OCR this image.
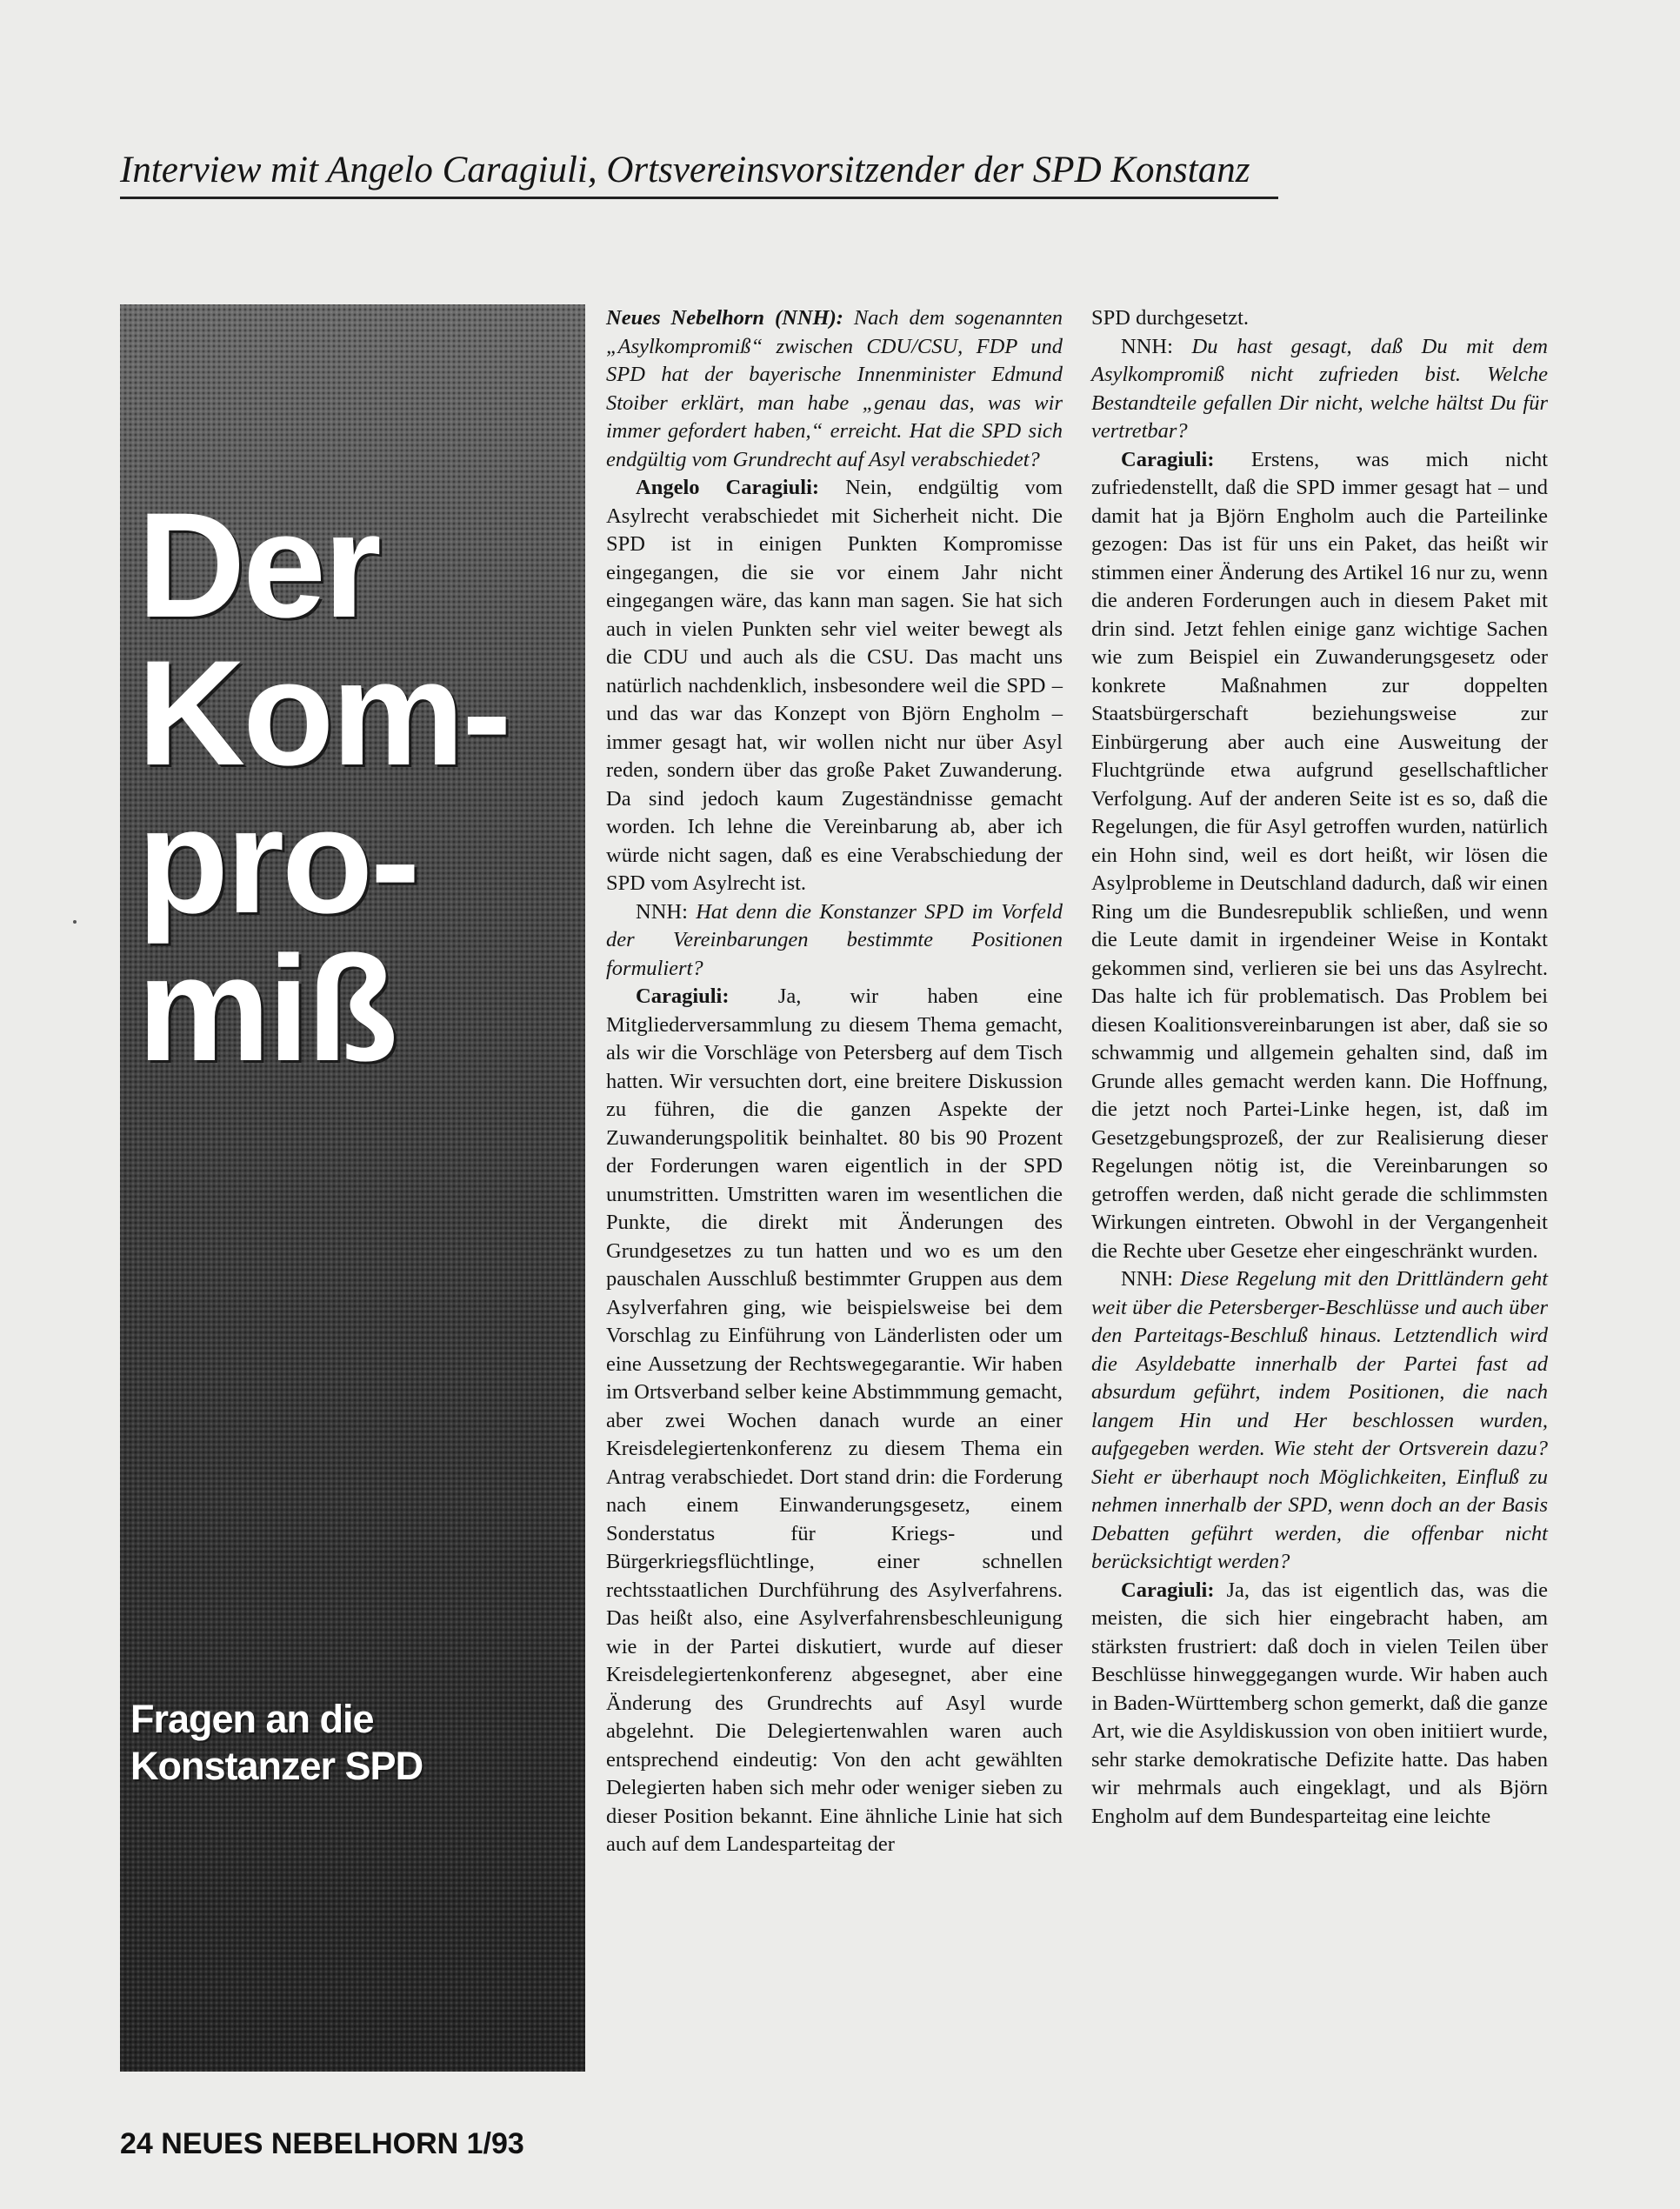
Interview mit Angelo Caragiuli, Ortsvereinsvorsitzender der SPD Konstanz
Der
Kom-
pro-
miß
Fragen an die
Konstanzer SPD

Neues Nebelhorn (NNH): Nach dem sogenannten „Asylkompromiß“ zwischen CDU/CSU, FDP und SPD hat der bayerische Innenminister Edmund Stoiber erklärt, man habe „genau das, was wir immer gefordert haben,“ erreicht. Hat die SPD sich endgültig vom Grundrecht auf Asyl verabschiedet?

Angelo Caragiuli: Nein, endgültig vom Asylrecht verabschiedet mit Sicherheit nicht. Die SPD ist in einigen Punkten Kompromisse eingegangen, die sie vor einem Jahr nicht eingegangen wäre, das kann man sagen. Sie hat sich auch in vielen Punkten sehr viel weiter bewegt als die CDU und auch als die CSU. Das macht uns natürlich nachdenklich, insbesondere weil die SPD – und das war das Konzept von Björn Engholm – immer gesagt hat, wir wollen nicht nur über Asyl reden, sondern über das große Paket Zuwanderung. Da sind jedoch kaum Zugeständnisse gemacht worden. Ich lehne die Vereinbarung ab, aber ich würde nicht sagen, daß es eine Verabschiedung der SPD vom Asylrecht ist.

NNH: Hat denn die Konstanzer SPD im Vorfeld der Vereinbarungen bestimmte Positionen formuliert?

Caragiuli: Ja, wir haben eine Mitgliederversammlung zu diesem Thema gemacht, als wir die Vorschläge von Petersberg auf dem Tisch hatten. Wir versuchten dort, eine breitere Diskussion zu führen, die die ganzen Aspekte der Zuwanderungspolitik beinhaltet. 80 bis 90 Prozent der Forderungen waren eigentlich in der SPD unumstritten. Umstritten waren im wesentlichen die Punkte, die direkt mit Änderungen des Grundgesetzes zu tun hatten und wo es um den pauschalen Ausschluß bestimmter Gruppen aus dem Asylverfahren ging, wie beispielsweise bei dem Vorschlag zu Einführung von Länderlisten oder um eine Aussetzung der Rechtswegegarantie. Wir haben im Ortsverband selber keine Abstimmmung gemacht, aber zwei Wochen danach wurde an einer Kreisdelegiertenkonferenz zu diesem Thema ein Antrag verabschiedet. Dort stand drin: die Forderung nach einem Einwanderungsgesetz, einem Sonderstatus für Kriegs- und Bürgerkriegsflüchtlinge, einer schnellen rechtsstaatlichen Durchführung des Asylverfahrens. Das heißt also, eine Asylverfahrensbeschleunigung wie in der Partei diskutiert, wurde auf dieser Kreisdelegiertenkonferenz abgesegnet, aber eine Änderung des Grundrechts auf Asyl wurde abgelehnt. Die Delegiertenwahlen waren auch entsprechend eindeutig: Von den acht gewählten Delegierten haben sich mehr oder weniger sieben zu dieser Position bekannt. Eine ähnliche Linie hat sich auch auf dem Landesparteitag der

SPD durchgesetzt.

NNH: Du hast gesagt, daß Du mit dem Asylkompromiß nicht zufrieden bist. Welche Bestandteile gefallen Dir nicht, welche hältst Du für vertretbar?

Caragiuli: Erstens, was mich nicht zufriedenstellt, daß die SPD immer gesagt hat – und damit hat ja Björn Engholm auch die Parteilinke gezogen: Das ist für uns ein Paket, das heißt wir stimmen einer Änderung des Artikel 16 nur zu, wenn die anderen Forderungen auch in diesem Paket mit drin sind. Jetzt fehlen einige ganz wichtige Sachen wie zum Beispiel ein Zuwanderungsgesetz oder konkrete Maßnahmen zur doppelten Staatsbürgerschaft beziehungsweise zur Einbürgerung aber auch eine Ausweitung der Fluchtgründe etwa aufgrund gesellschaftlicher Verfolgung. Auf der anderen Seite ist es so, daß die Regelungen, die für Asyl getroffen wurden, natürlich ein Hohn sind, weil es dort heißt, wir lösen die Asylprobleme in Deutschland dadurch, daß wir einen Ring um die Bundesrepublik schließen, und wenn die Leute damit in irgendeiner Weise in Kontakt gekommen sind, verlieren sie bei uns das Asylrecht. Das halte ich für problematisch. Das Problem bei diesen Koalitionsvereinbarungen ist aber, daß sie so schwammig und allgemein gehalten sind, daß im Grunde alles gemacht werden kann. Die Hoffnung, die jetzt noch Partei-Linke hegen, ist, daß im Gesetzgebungsprozeß, der zur Realisierung dieser Regelungen nötig ist, die Vereinbarungen so getroffen werden, daß nicht gerade die schlimmsten Wirkungen eintreten. Obwohl in der Vergangenheit die Rechte uber Gesetze eher eingeschränkt wurden.

NNH: Diese Regelung mit den Drittländern geht weit über die Petersberger-Beschlüsse und auch über den Parteitags-Beschluß hinaus. Letztendlich wird die Asyldebatte innerhalb der Partei fast ad absurdum geführt, indem Positionen, die nach langem Hin und Her beschlossen wurden, aufgegeben werden. Wie steht der Ortsverein dazu? Sieht er überhaupt noch Möglichkeiten, Einfluß zu nehmen innerhalb der SPD, wenn doch an der Basis Debatten geführt werden, die offenbar nicht berücksichtigt werden?

Caragiuli: Ja, das ist eigentlich das, was die meisten, die sich hier eingebracht haben, am stärksten frustriert: daß doch in vielen Teilen über Beschlüsse hinweggegangen wurde. Wir haben auch in Baden-Württemberg schon gemerkt, daß die ganze Art, wie die Asyldiskussion von oben initiiert wurde, sehr starke demokratische Defizite hatte. Das haben wir mehrmals auch eingeklagt, und als Björn Engholm auf dem Bundesparteitag eine leichte

24 NEUES NEBELHORN 1/93
